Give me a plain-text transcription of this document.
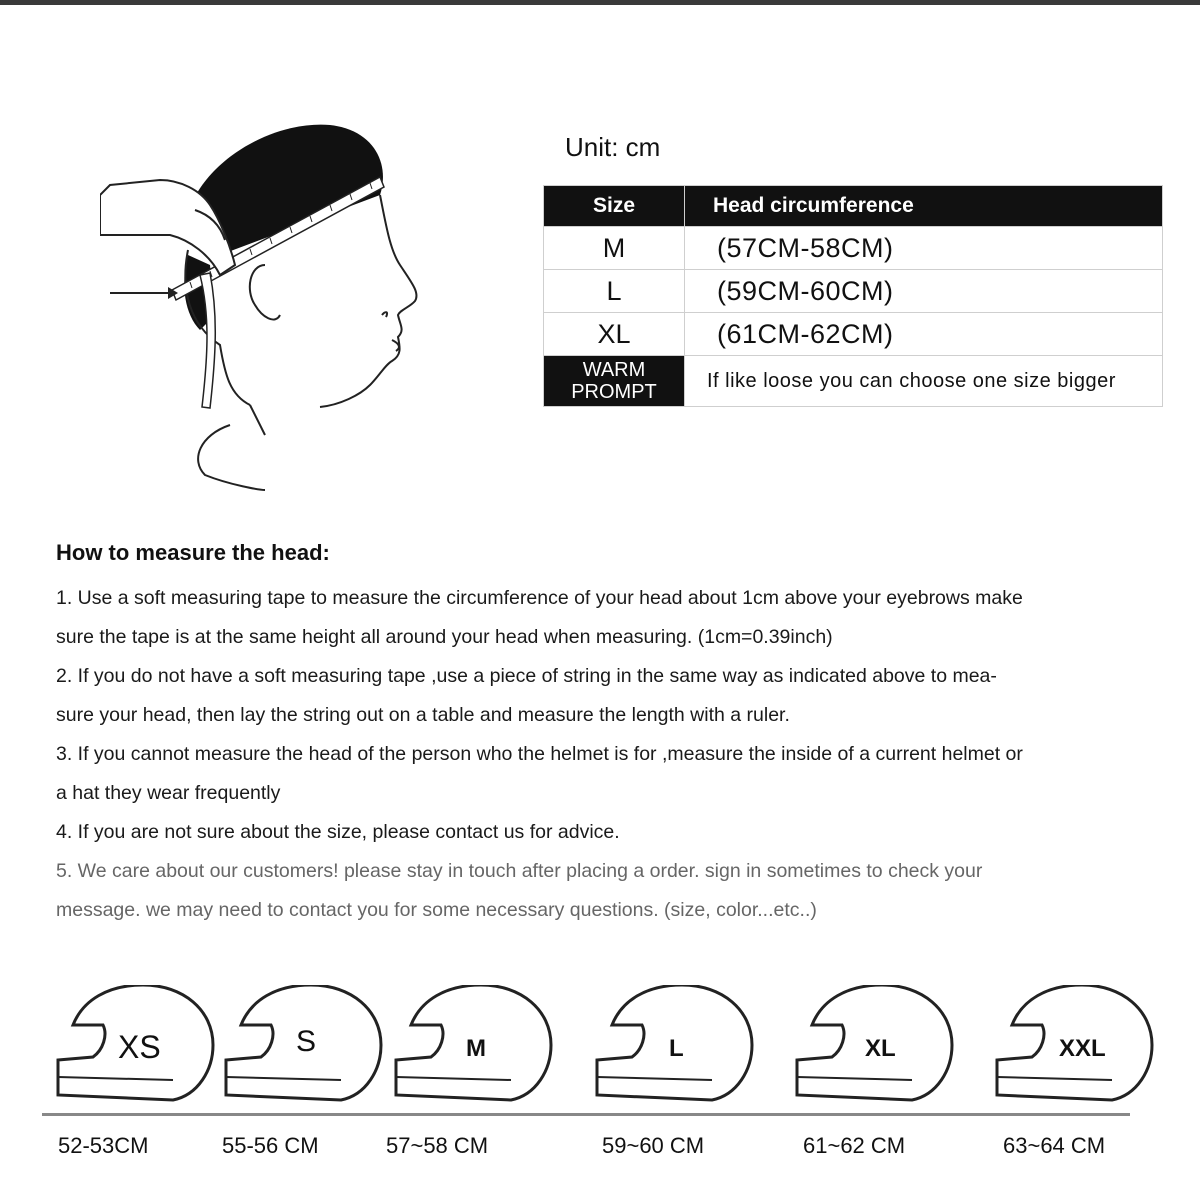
Unit: cm
Size	Head circumference
M	(57CM-58CM)
L	(59CM-60CM)
XL	(61CM-62CM)

WARM
PROMPT	If like loose you can choose one size bigger
How to measure the head:
1. Use a soft measuring tape to measure the circumference of your head about 1cm above your eyebrows make
sure the tape is at the same height all around your head when measuring. (1cm=0.39inch)
2. If you do not have a soft measuring tape ,use a piece of string in the same way as indicated above to mea-
sure your head, then lay the string out on a table and measure the length with a ruler.
3. If you cannot measure the head of the person who the helmet is for ,measure the inside of a current helmet or
a hat they wear frequently
4. If you are not sure about the size, please contact us for advice.
5. We care about our customers! please stay in touch after placing a order. sign in sometimes to check your
message. we may need to contact you for some necessary questions. (size, color...etc..)
XS	S	M	L	XL	XXL
52-53CM	55-56 CM	57~58 CM	59~60 CM	61~62 CM	63~64 CM
